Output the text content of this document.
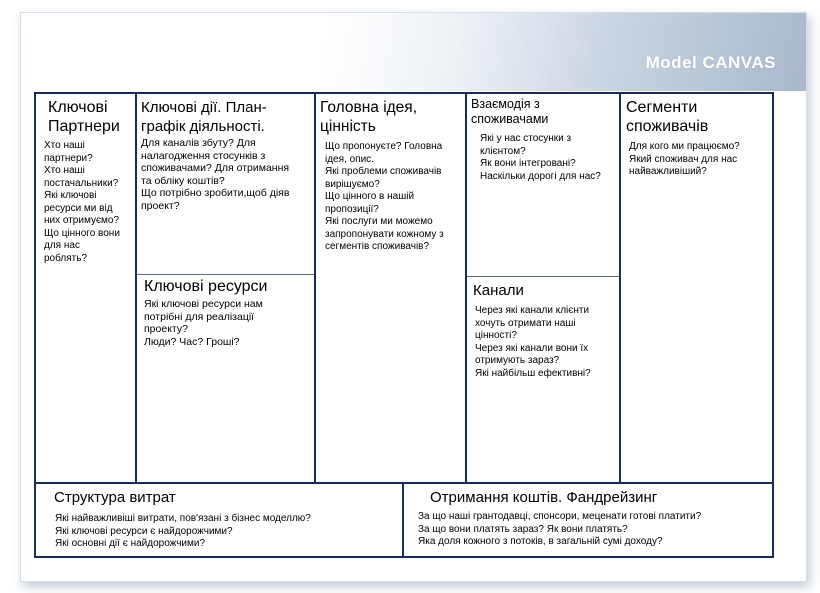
Model CANVAS
Ключові
Партнери
Хто наші
партнери?
Хто наші
постачальники?
Які ключові
ресурси ми від
них отримуємо?
Що цінного вони
для нас
роблять?
Ключові дії. План-
графік діяльності.
Для каналів збуту? Для
налагодження стосунків з
споживачами? Для отримання
та обліку коштів?
Що потрібно зробити,щоб діяв
проект?
Ключові ресурси
Які ключові ресурси нам
потрібні для реалізації
проекту?
Люди? Час? Гроші?
Головна ідея,
цінність
Що пропонуєте? Головна
ідея, опис.
Які проблеми споживачів
вирішуємо?
Що цінного в нашій
пропозиції?
Які послуги ми можемо
запропонувати кожному з
сегментів споживачів?
Взаємодія з
споживачами
Які у нас стосунки з
клієнтом?
Як вони інтегровані?
Наскільки дорогі для нас?
Канали
Через які канали клієнти
хочуть отримати наші
цінності?
Через які канали вони їх
отримують зараз?
Які найбільш ефективні?
Сегменти
споживачів
Для кого ми працюємо?
Який споживач для нас
найважливіший?
Структура витрат
Які найважливіші витрати, пов'язані з бізнес моделлю?
Які ключові ресурси є найдорожчими?
Які основні дії є найдорожчими?
Отримання коштів. Фандрейзинг
За що наші грантодавці, спонсори, меценати готові платити?
За що вони платять зараз? Як вони платять?
Яка доля кожного з потоків, в загальній сумі доходу?
